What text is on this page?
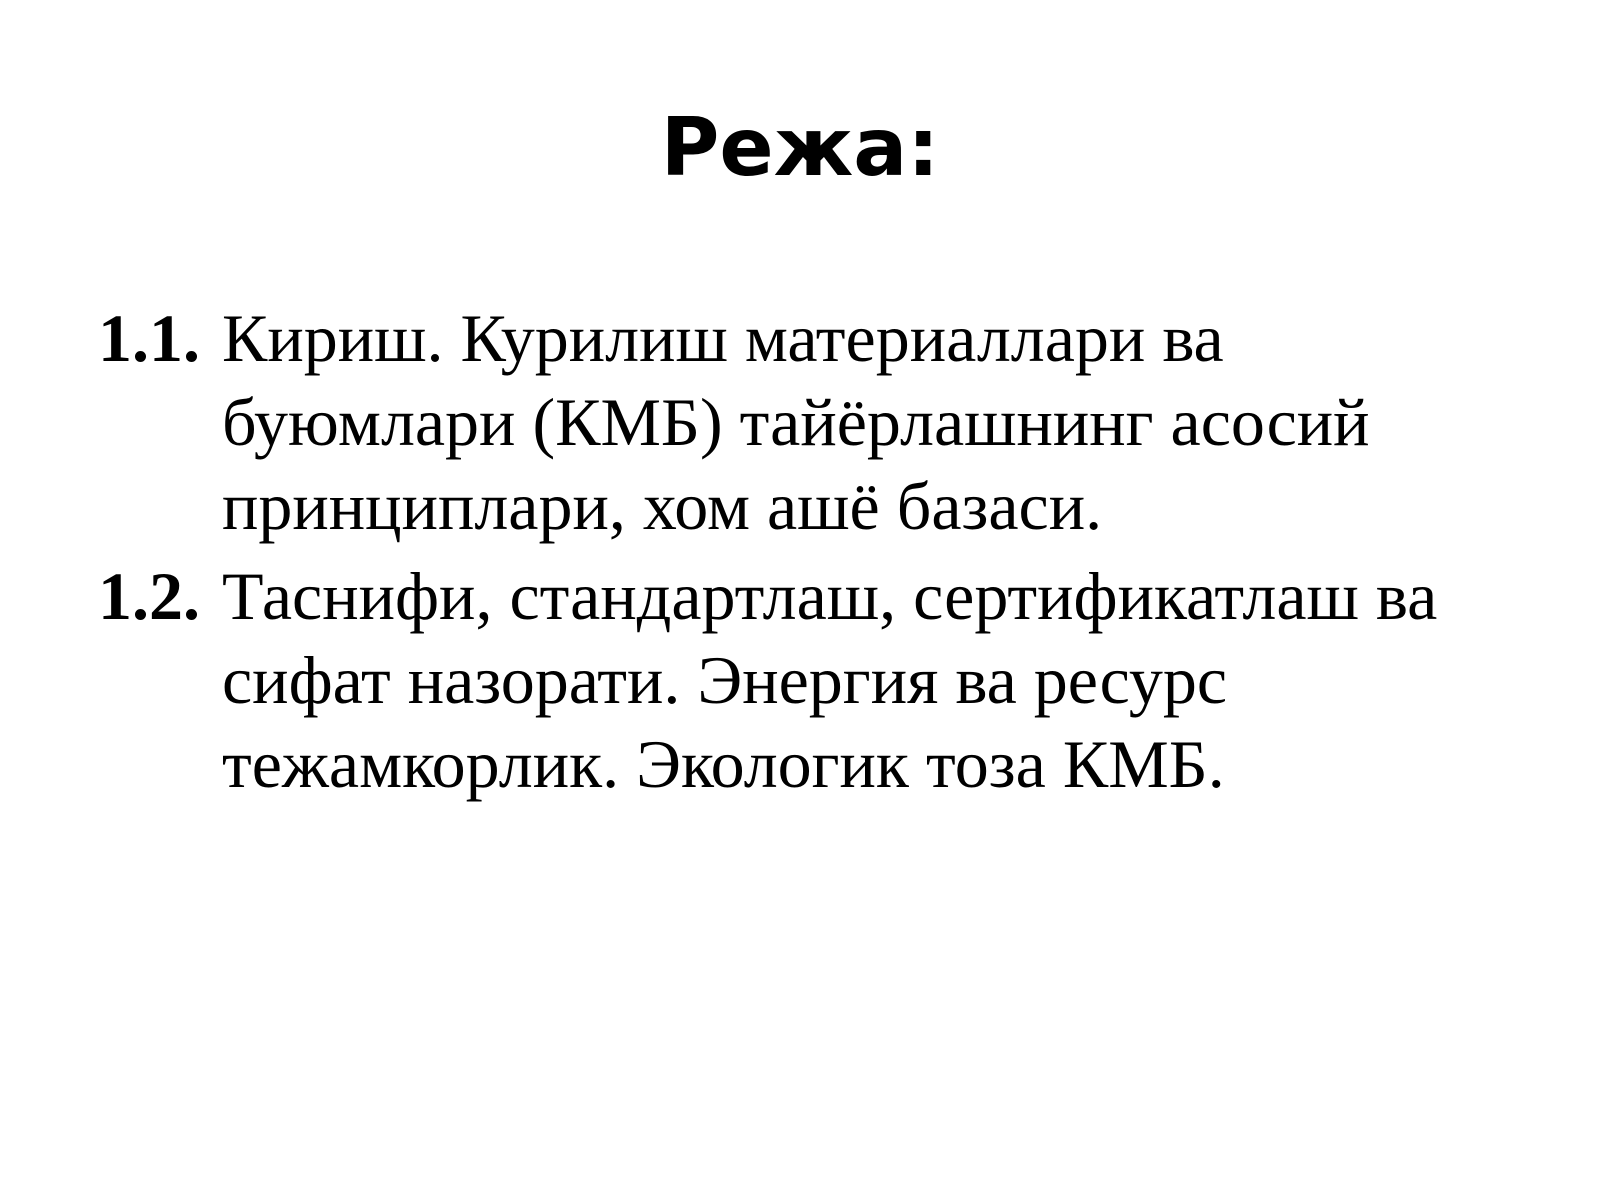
Режа:
1.1. Кириш. Курилиш материаллари ва
буюмлари (КМБ) тайёрлашнинг асосий
принциплари, хом ашё базаси.
1.2. Таснифи, стандартлаш, сертификатлаш ва
сифат назорати. Энергия ва ресурс
тежамкорлик. Экологик тоза КМБ.
